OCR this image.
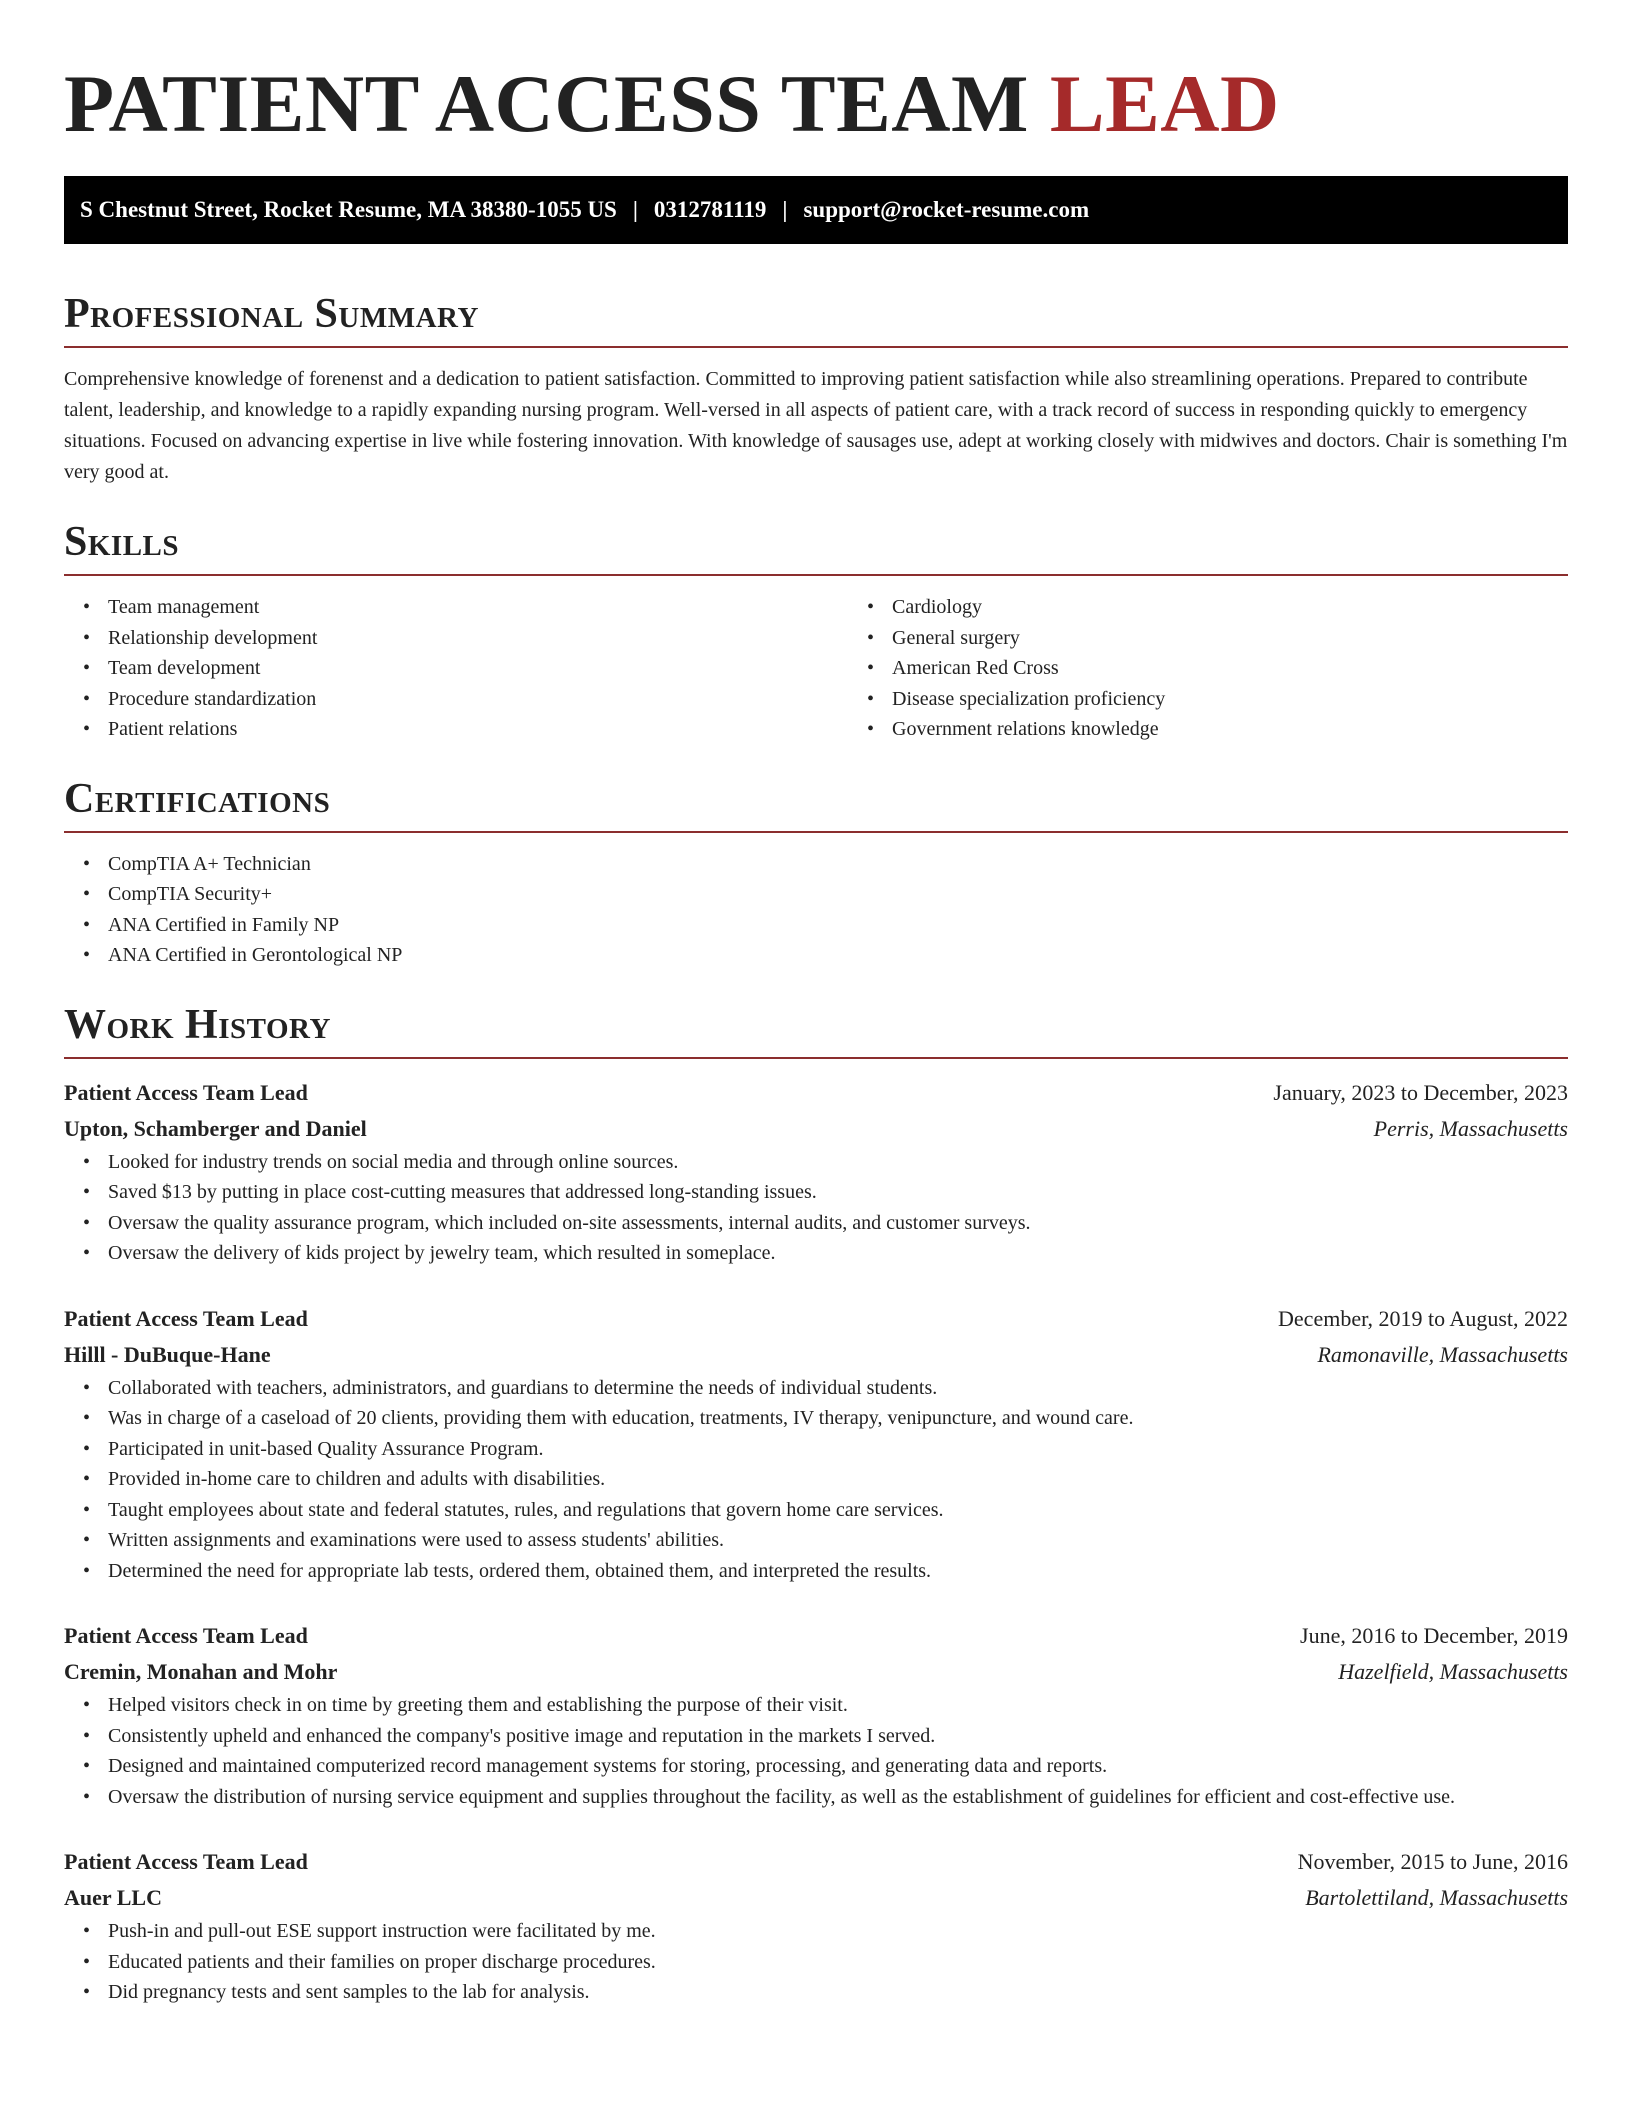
PATIENT ACCESS TEAM LEAD
S Chestnut Street, Rocket Resume, MA 38380-1055 US | 0312781119 | support@rocket-resume.com
Professional Summary

Comprehensive knowledge of forenenst and a dedication to patient satisfaction. Committed to improving patient satisfaction while also streamlining operations. Prepared to contribute talent, leadership, and knowledge to a rapidly expanding nursing program. Well-versed in all aspects of patient care, with a track record of success in responding quickly to emergency situations. Focused on advancing expertise in live while fostering innovation. With knowledge of sausages use, adept at working closely with midwives and doctors. Chair is something I'm very good at.

Skills
• Team management
• Relationship development
• Team development
• Procedure standardization
• Patient relations
• Cardiology
• General surgery
• American Red Cross
• Disease specialization proficiency
• Government relations knowledge
Certifications
• CompTIA A+ Technician
• CompTIA Security+
• ANA Certified in Family NP
• ANA Certified in Gerontological NP
Work History
Patient Access Team Lead	January, 2023 to December, 2023
Upton, Schamberger and Daniel	Perris, Massachusetts
• Looked for industry trends on social media and through online sources.
• Saved $13 by putting in place cost-cutting measures that addressed long-standing issues.
• Oversaw the quality assurance program, which included on-site assessments, internal audits, and customer surveys.
• Oversaw the delivery of kids project by jewelry team, which resulted in someplace.
Patient Access Team Lead	December, 2019 to August, 2022
Hilll - DuBuque-Hane	Ramonaville, Massachusetts
• Collaborated with teachers, administrators, and guardians to determine the needs of individual students.
• Was in charge of a caseload of 20 clients, providing them with education, treatments, IV therapy, venipuncture, and wound care.
• Participated in unit-based Quality Assurance Program.
• Provided in-home care to children and adults with disabilities.
• Taught employees about state and federal statutes, rules, and regulations that govern home care services.
• Written assignments and examinations were used to assess students' abilities.
• Determined the need for appropriate lab tests, ordered them, obtained them, and interpreted the results.
Patient Access Team Lead	June, 2016 to December, 2019
Cremin, Monahan and Mohr	Hazelfield, Massachusetts
• Helped visitors check in on time by greeting them and establishing the purpose of their visit.
• Consistently upheld and enhanced the company's positive image and reputation in the markets I served.
• Designed and maintained computerized record management systems for storing, processing, and generating data and reports.
• Oversaw the distribution of nursing service equipment and supplies throughout the facility, as well as the establishment of guidelines for efficient and cost-effective use.
Patient Access Team Lead	November, 2015 to June, 2016
Auer LLC	Bartolettiland, Massachusetts
• Push-in and pull-out ESE support instruction were facilitated by me.
• Educated patients and their families on proper discharge procedures.
• Did pregnancy tests and sent samples to the lab for analysis.
